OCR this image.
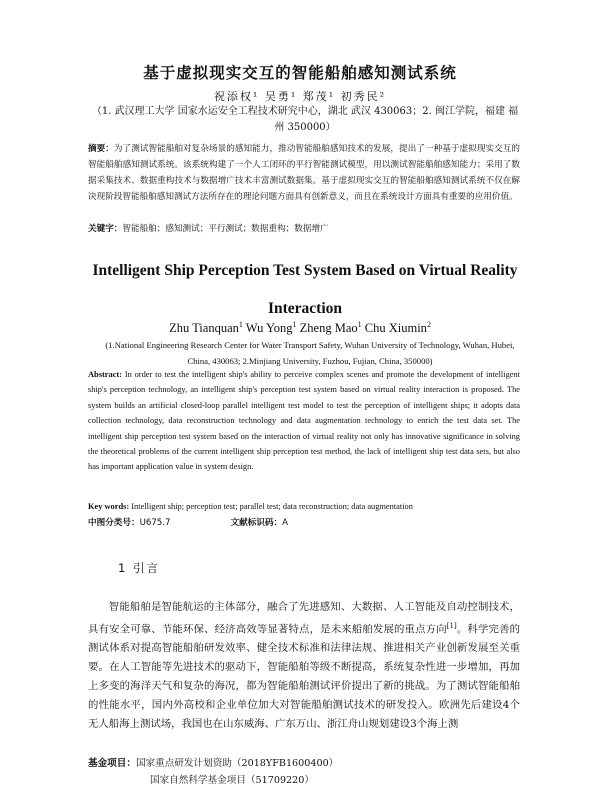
基于虚拟现实交互的智能船舶感知测试系统
祝添权¹ 吴勇¹ 郑茂¹ 初秀民²
（1. 武汉理工大学 国家水运安全工程技术研究中心，湖北 武汉 430063；2. 闽江学院，福建 福州 350000）
摘要：为了测试智能船舶对复杂场景的感知能力，推动智能船舶感知技术的发展，提出了一种基于虚拟现实交互的智能船舶感知测试系统。该系统构建了一个人工闭环的平行智能测试模型，用以测试智能船舶感知能力；采用了数据采集技术、数据重构技术与数据增广技术丰富测试数据集。基于虚拟现实交互的智能船舶感知测试系统不仅在解决现阶段智能船舶感知测试方法所存在的理论问题方面具有创新意义，而且在系统设计方面具有重要的应用价值。
关键字：智能船舶；感知测试；平行测试；数据重构；数据增广
Intelligent Ship Perception Test System Based on Virtual Reality Interaction
Zhu Tianquan$^1$ Wu Yong$^1$ Zheng Mao$^1$ Chu Xiumin$^2$
(1.National Engineering Research Center for Water Transport Safety, Wuhan University of Technology, Wuhan, Hubei, China, 430063; 2.Minjiang University, Fuzhou, Fujian, China, 350000)
Abstract: In order to test the intelligent ship's ability to perceive complex scenes and promote the development of intelligent ship's perception technology, an intelligent ship's perception test system based on virtual reality interaction is proposed. The system builds an artificial closed-loop parallel intelligent test model to test the perception of intelligent ships; it adopts data collection technology, data reconstruction technology and data augmentation technology to enrich the test data set. The intelligent ship perception test system based on the interaction of virtual reality not only has innovative significance in solving the theoretical problems of the current intelligent ship perception test method, the lack of intelligent ship test data sets, but also has important application value in system design.
Key words: Intelligent ship; perception test; parallel test; data reconstruction; data augmentation
中图分类号：U675.7	文献标识码：A
1 引言
智能船舶是智能航运的主体部分，融合了先进感知、大数据、人工智能及自动控制技术，具有安全可靠、节能环保、经济高效等显著特点，是未来船舶发展的重点方向[1]。科学完善的测试体系对提高智能船舶研发效率、健全技术标准和法律法规、推进相关产业创新发展至关重要。在人工智能等先进技术的驱动下，智能船舶等级不断提高，系统复杂性进一步增加，再加上多变的海洋天气和复杂的海况，都为智能船舶测试评价提出了新的挑战。为了测试智能船舶的性能水平，国内外高校和企业单位加大对智能船舶测试技术的研发投入。欧洲先后建设4个无人船海上测试场，我国也在山东威海、广东万山、浙江舟山规划建设3个海上测
基金项目：国家重点研发计划资助（2018YFB1600400）
国家自然科学基金项目（51709220）
